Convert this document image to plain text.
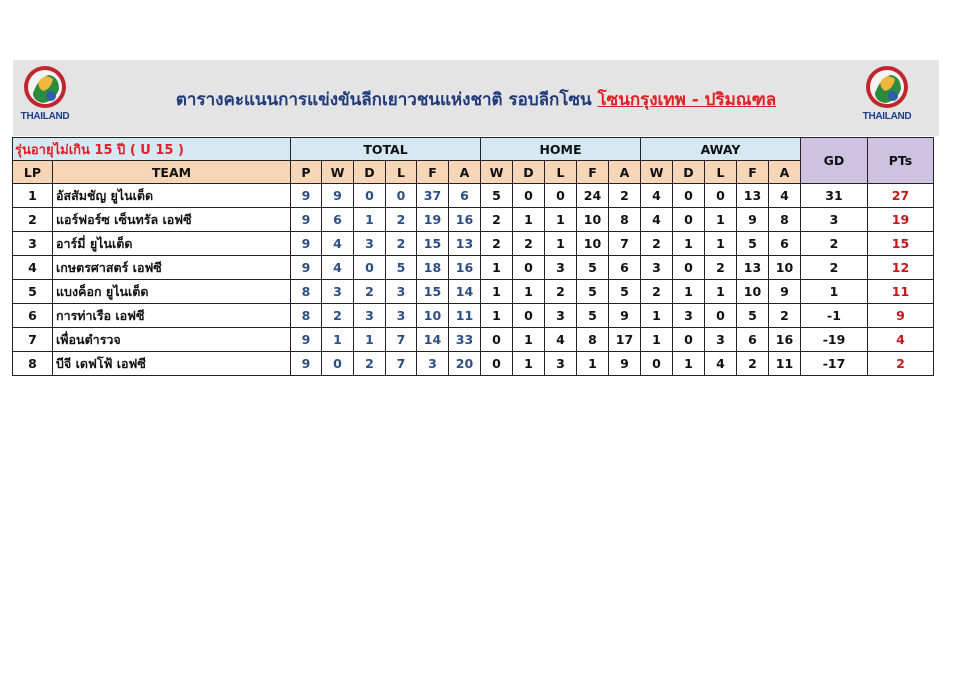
THAILAND
ตารางคะแนนการแข่งขันลีกเยาวชนแห่งชาติ รอบลีกโซน โซนกรุงเทพ - ปริมณฑล
THAILAND
รุ่นอายุไม่เกิน 15 ปี ( U 15 )		TOTAL						HOME					AWAY					GD	PTs
LP	TEAM	P	W	D	L	F	A	W	D	L	F	A	W	D	L	F	A		
1	อัสสัมชัญ ยูไนเต็ด	9	9	0	0	37	6	5	0	0	24	2	4	0	0	13	4	31	27
2	แอร์ฟอร์ซ เซ็นทรัล เอฟซี	9	6	1	2	19	16	2	1	1	10	8	4	0	1	9	8	3	19
3	อาร์มี่ ยูไนเต็ด	9	4	3	2	15	13	2	2	1	10	7	2	1	1	5	6	2	15
4	เกษตรศาสตร์ เอฟซี	9	4	0	5	18	16	1	0	3	5	6	3	0	2	13	10	2	12
5	แบงค็อก ยูไนเต็ด	8	3	2	3	15	14	1	1	2	5	5	2	1	1	10	9	1	11
6	การท่าเรือ เอฟซี	8	2	3	3	10	11	1	0	3	5	9	1	3	0	5	2	-1	9
7	เพื่อนตำรวจ	9	1	1	7	14	33	0	1	4	8	17	1	0	3	6	16	-19	4
8	บีจี เดฟโฟ้ เอฟซี	9	0	2	7	3	20	0	1	3	1	9	0	1	4	2	11	-17	2
